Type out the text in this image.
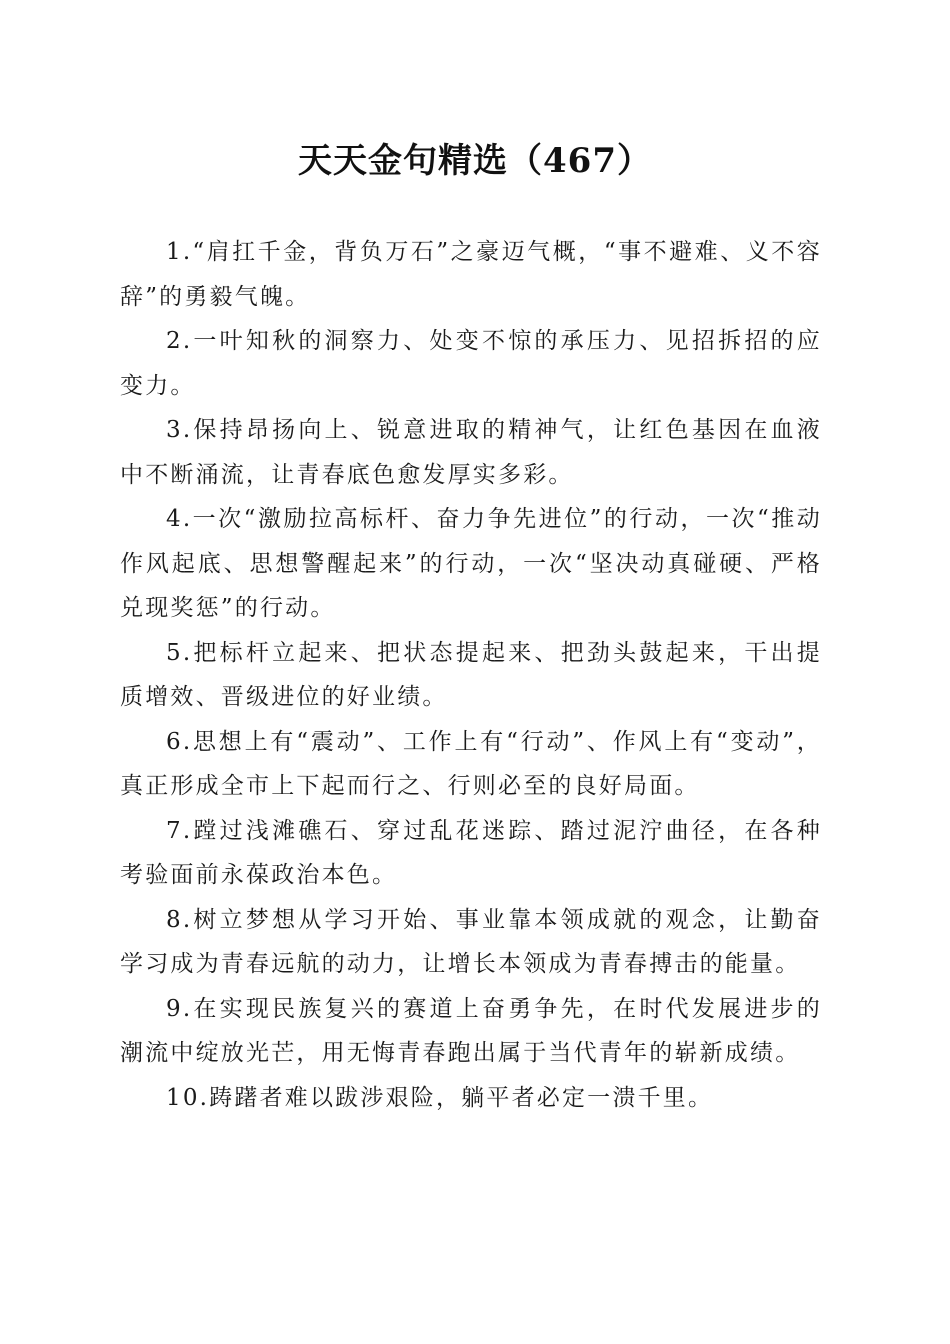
天天金句精选（467）

1.“肩扛千金，背负万石”之豪迈气概，“事不避难、义不容辞”的勇毅气魄。

2.一叶知秋的洞察力、处变不惊的承压力、见招拆招的应变力。

3.保持昂扬向上、锐意进取的精神气，让红色基因在血液中不断涌流，让青春底色愈发厚实多彩。

4.一次“激励拉高标杆、奋力争先进位”的行动，一次“推动作风起底、思想警醒起来”的行动，一次“坚决动真碰硬、严格兑现奖惩”的行动。

5.把标杆立起来、把状态提起来、把劲头鼓起来，干出提质增效、晋级进位的好业绩。

6.思想上有“震动”、工作上有“行动”、作风上有“变动”，真正形成全市上下起而行之、行则必至的良好局面。

7.蹚过浅滩礁石、穿过乱花迷踪、踏过泥泞曲径，在各种考验面前永葆政治本色。

8.树立梦想从学习开始、事业靠本领成就的观念，让勤奋学习成为青春远航的动力，让增长本领成为青春搏击的能量。

9.在实现民族复兴的赛道上奋勇争先，在时代发展进步的潮流中绽放光芒，用无悔青春跑出属于当代青年的崭新成绩。

10.踌躇者难以跋涉艰险，躺平者必定一溃千里。
